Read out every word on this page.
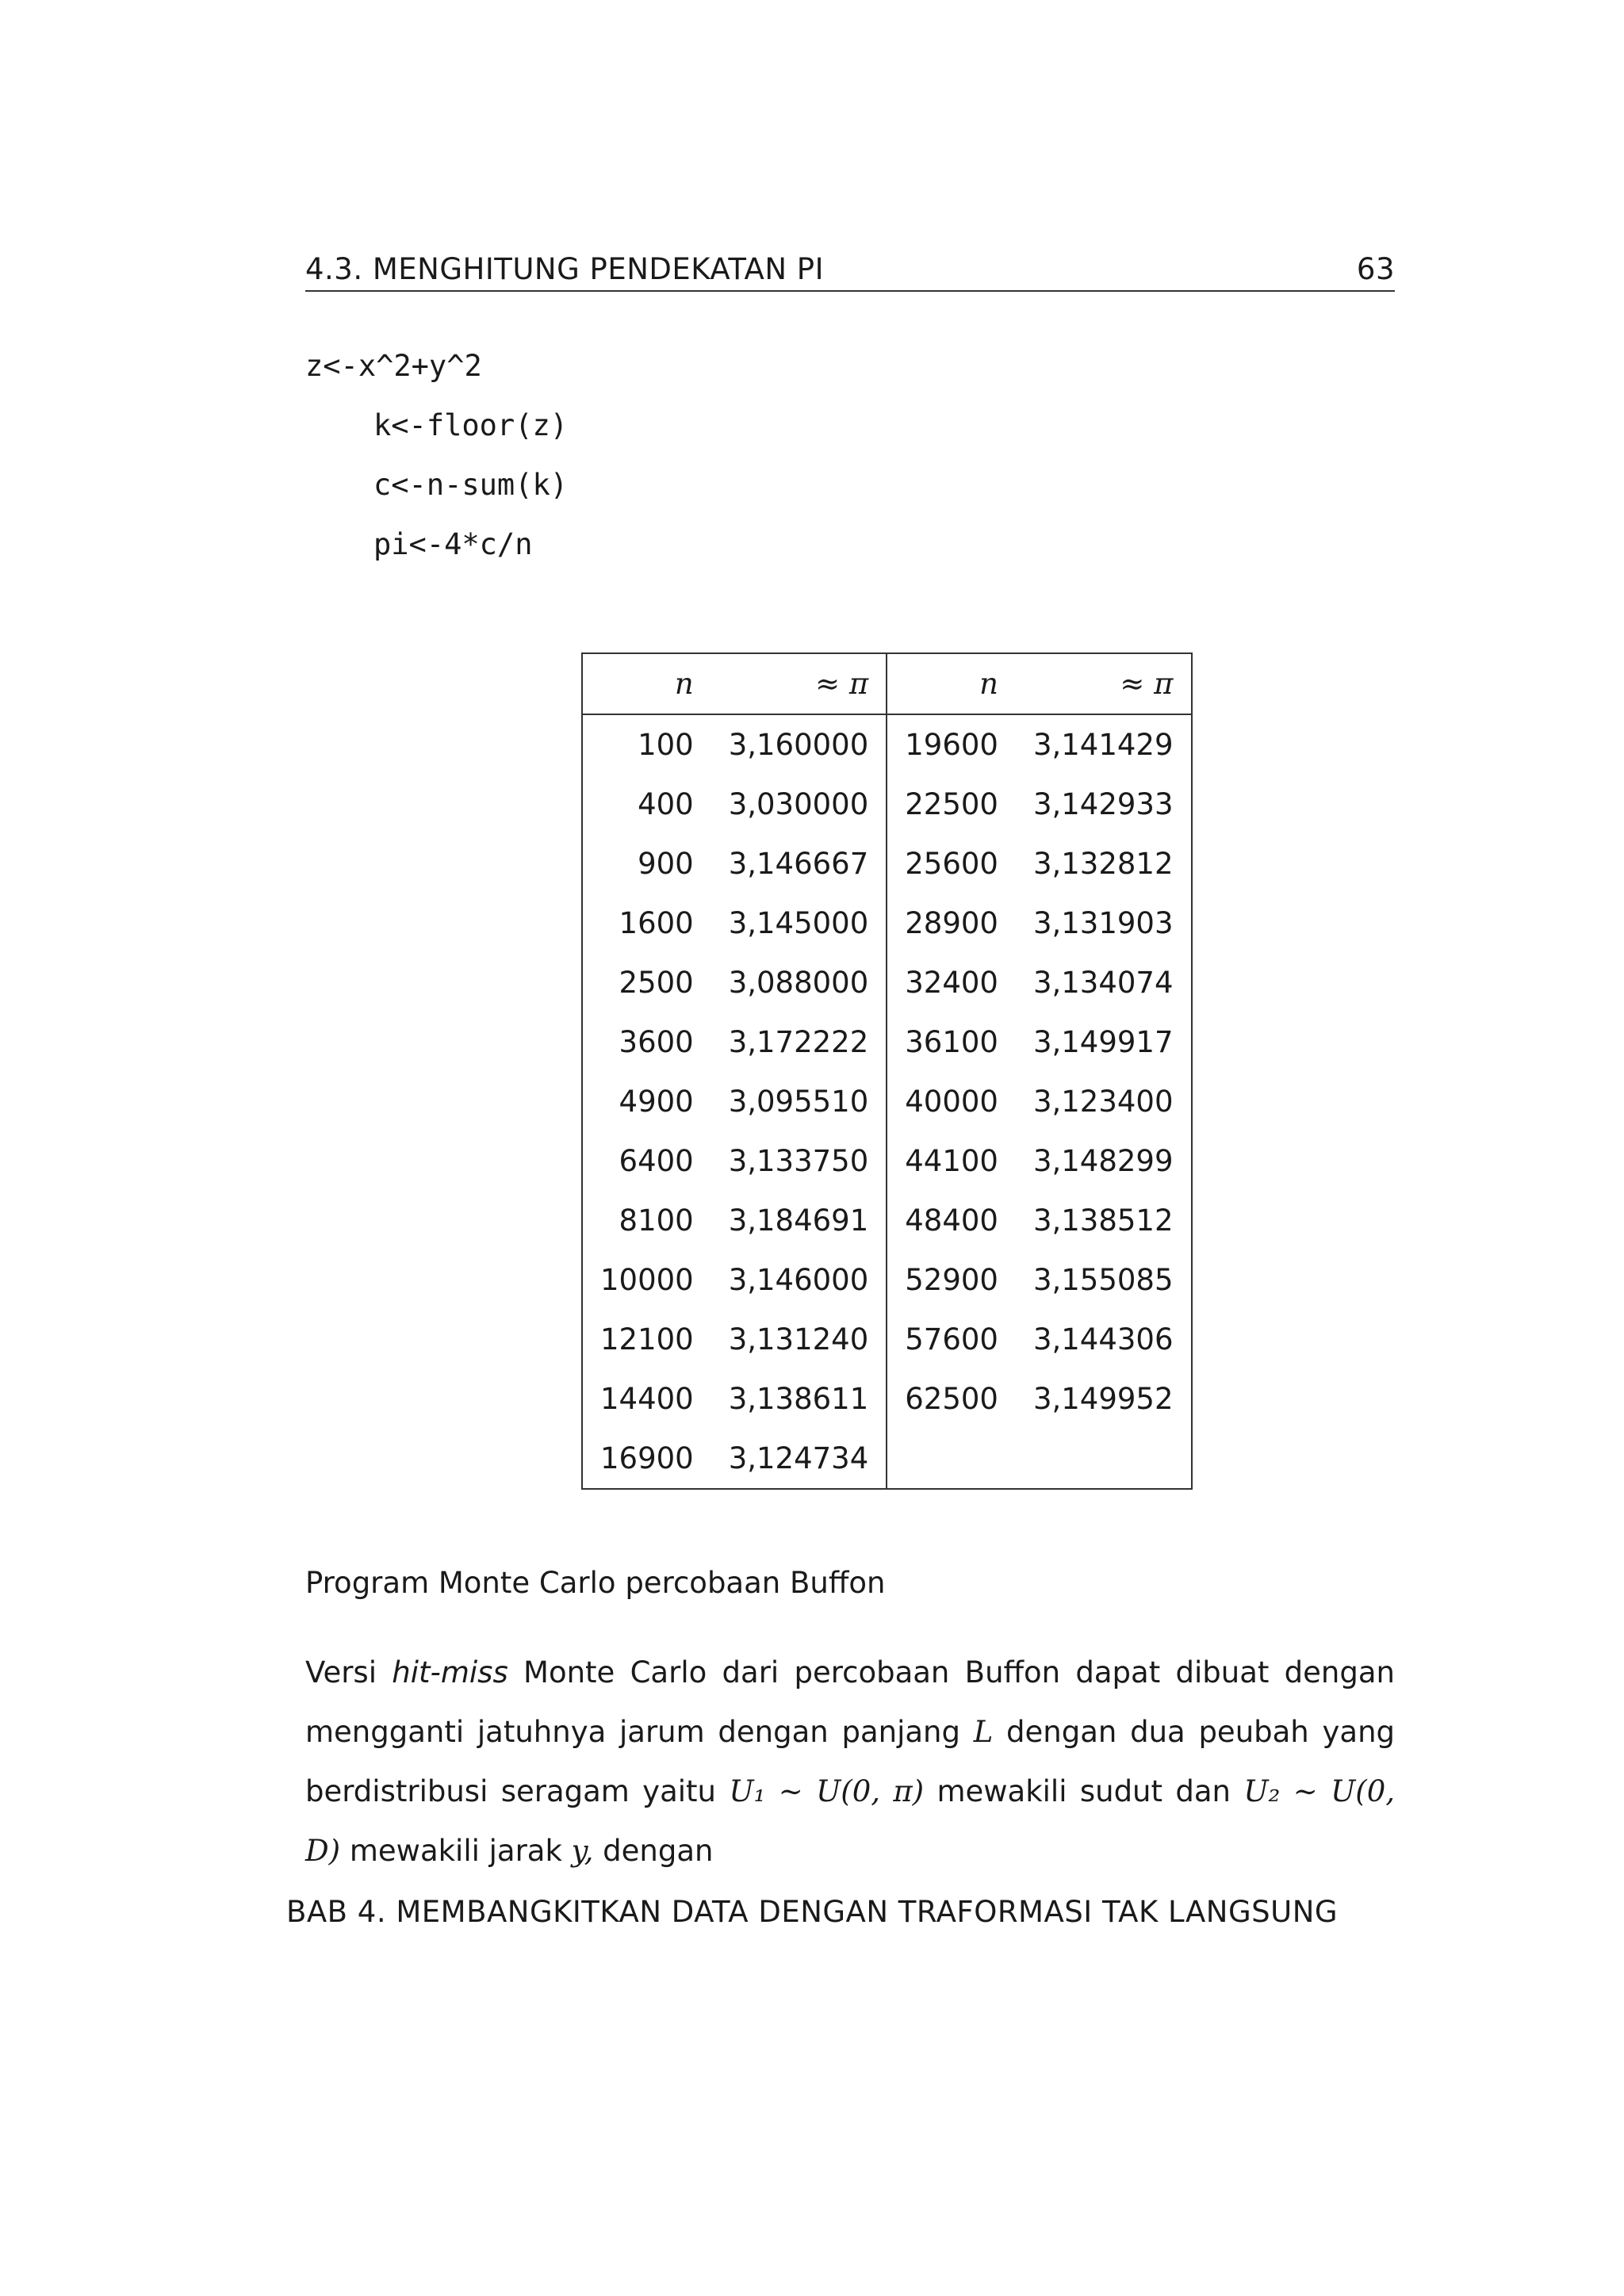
4.3. MENGHITUNG PENDEKATAN PI	63
z<-x^2+y^2
k<-floor(z)
c<-n-sum(k)
pi<-4*c/n
n	≈ π	n	≈ π
100	3,160000	19600	3,141429
400	3,030000	22500	3,142933
900	3,146667	25600	3,132812
1600	3,145000	28900	3,131903
2500	3,088000	32400	3,134074
3600	3,172222	36100	3,149917
4900	3,095510	40000	3,123400
6400	3,133750	44100	3,148299
8100	3,184691	48400	3,138512
10000	3,146000	52900	3,155085
12100	3,131240	57600	3,144306
14400	3,138611	62500	3,149952
16900	3,124734		
Program Monte Carlo percobaan Buffon
Versi hit-miss Monte Carlo dari percobaan Buffon dapat dibuat dengan mengganti jatuhnya jarum dengan panjang L dengan dua peubah yang berdistribusi seragam yaitu U₁ ∼ U(0, π) mewakili sudut dan U₂ ∼ U(0, D) mewakili jarak y, dengan
BAB 4. MEMBANGKITKAN DATA DENGAN TRAFORMASI TAK LANGSUNG
